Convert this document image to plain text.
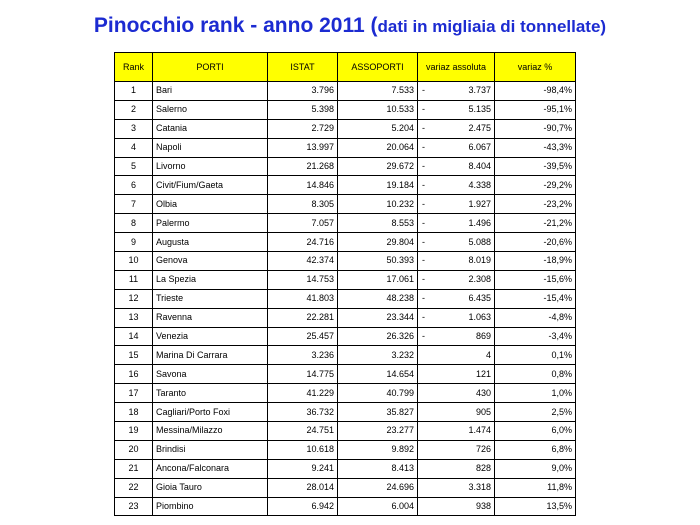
Pinocchio rank - anno 2011 (dati in migliaia di tonnellate)
Rank	PORTI	ISTAT	ASSOPORTI	variaz assoluta		variaz %
1	Bari	3.796	7.533	-	3.737	-98,4%
2	Salerno	5.398	10.533	-	5.135	-95,1%
3	Catania	2.729	5.204	-	2.475	-90,7%
4	Napoli	13.997	20.064	-	6.067	-43,3%
5	Livorno	21.268	29.672	-	8.404	-39,5%
6	Civit/Fium/Gaeta	14.846	19.184	-	4.338	-29,2%
7	Olbia	8.305	10.232	-	1.927	-23,2%
8	Palermo	7.057	8.553	-	1.496	-21,2%
9	Augusta	24.716	29.804	-	5.088	-20,6%
10	Genova	42.374	50.393	-	8.019	-18,9%
11	La Spezia	14.753	17.061	-	2.308	-15,6%
12	Trieste	41.803	48.238	-	6.435	-15,4%
13	Ravenna	22.281	23.344	-	1.063	-4,8%
14	Venezia	25.457	26.326	-	869	-3,4%
15	Marina Di Carrara	3.236	3.232		4	0,1%
16	Savona	14.775	14.654		121	0,8%
17	Taranto	41.229	40.799		430	1,0%
18	Cagliari/Porto Foxi	36.732	35.827		905	2,5%
19	Messina/Milazzo	24.751	23.277		1.474	6,0%
20	Brindisi	10.618	9.892		726	6,8%
21	Ancona/Falconara	9.241	8.413		828	9,0%
22	Gioia Tauro	28.014	24.696		3.318	11,8%
23	Piombino	6.942	6.004		938	13,5%
